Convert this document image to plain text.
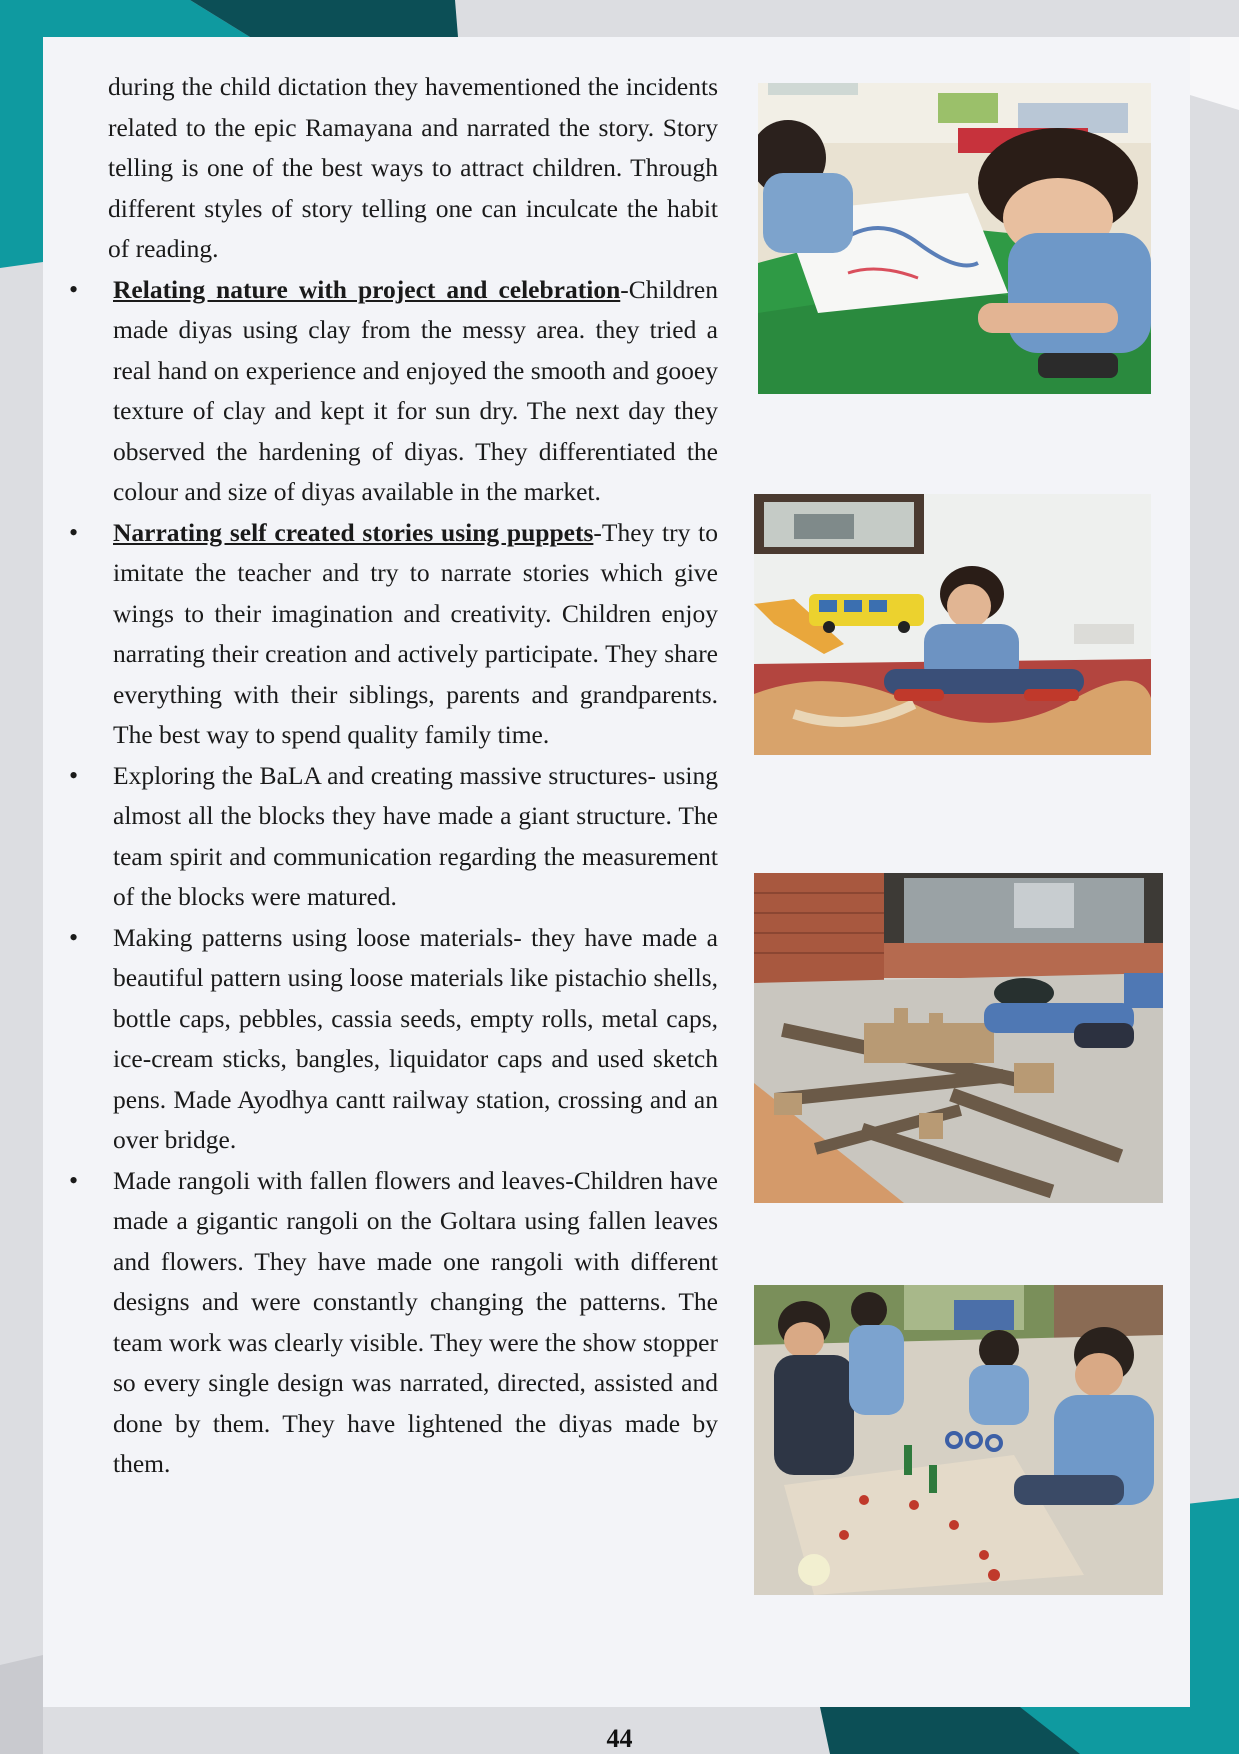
during the child dictation they havementioned the incidents related to the epic Ramayana and narrated the story. Story telling is one of the best ways to attract children. Through different styles of story telling one can inculcate the habit of reading.

• Relating nature with project and celebration-Children made diyas using clay from the messy area. they tried a real hand on experience and enjoyed the smooth and gooey texture of clay and kept it for sun dry. The next day they observed the hardening of diyas. They differentiated the colour and size of diyas available in the market.
• Narrating self created stories using puppets-They try to imitate the teacher and try to narrate stories which give wings to their imagination and creativity. Children enjoy narrating their creation and actively participate. They share everything with their siblings, parents and grandparents. The best way to spend quality family time.
• Exploring the BaLA and creating massive structures- using almost all the blocks they have made a giant structure. The team spirit and communication regarding the measurement of the blocks were matured.
• Making patterns using loose materials- they have made a beautiful pattern using loose materials like pistachio shells, bottle caps, pebbles, cassia seeds, empty rolls, metal caps, ice-cream sticks, bangles, liquidator caps and used sketch pens. Made Ayodhya cantt railway station, crossing and an over bridge.
• Made rangoli with fallen flowers and leaves-Children have made a gigantic rangoli on the Goltara using fallen leaves and flowers. They have made one rangoli with different designs and were constantly changing the patterns. The team work was clearly visible. They were the show stopper so every single design was narrated, directed, assisted and done by them. They have lightened the diyas made by them.
44
